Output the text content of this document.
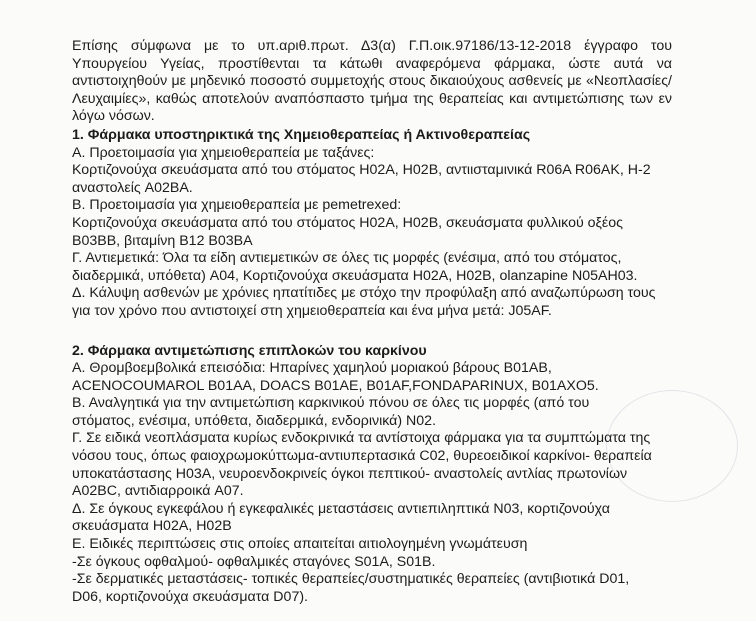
Επίσης σύμφωνα με το υπ.αριθ.πρωτ. Δ3(α) Γ.Π.οικ.97186/13-12-2018 έγγραφο του Υπουργείου Υγείας, προστίθενται τα κάτωθι αναφερόμενα φάρμακα, ώστε αυτά να αντιστοιχηθούν με μηδενικό ποσοστό συμμετοχής στους δικαιούχους ασθενείς με «Νεοπλασίες/ Λευχαιμίες», καθώς αποτελούν αναπόσπαστο τμήμα της θεραπείας και αντιμετώπισης των εν λόγω νόσων.

1. Φάρμακα υποστηρικτικά της Χημειοθεραπείας ή Ακτινοθεραπείας

Α. Προετοιμασία για χημειοθεραπεία με ταξάνες:

Κορτιζονούχα σκευάσματα από του στόματος H02A, H02B, αντιισταμινικά R06A R06AK, H-2

αναστολείς A02BA.

Β. Προετοιμασία για χημειοθεραπεία με pemetrexed:

Κορτιζονούχα σκευάσματα από του στόματος H02A, H02B, σκευάσματα φυλλικού οξέος

B03BB, βιταμίνη B12 B03BA

Γ. Αντιεμετικά: Όλα τα είδη αντιεμετικών σε όλες τις μορφές (ενέσιμα, από του στόματος,

διαδερμικά, υπόθετα) A04, Κορτιζονούχα σκευάσματα H02A, H02B, olanzapine N05AH03.

Δ. Κάλυψη ασθενών με χρόνιες ηπατίτιδες με στόχο την προφύλαξη από αναζωπύρωση τους

για τον χρόνο που αντιστοιχεί στη χημειοθεραπεία και ένα μήνα μετά: J05AF.

2. Φάρμακα αντιμετώπισης επιπλοκών του καρκίνου

Α. Θρομβοεμβολικά επεισόδια: Ηπαρίνες χαμηλού μοριακού βάρους B01AB,

ACENOCOUMAROL B01AA, DOACS B01AE, B01AF,FONDAPARINUX, B01AXO5.

Β. Αναλγητικά για την αντιμετώπιση καρκινικού πόνου σε όλες τις μορφές (από του

στόματος, ενέσιμα, υπόθετα, διαδερμικά, ενδορινικά) N02.

Γ. Σε ειδικά νεοπλάσματα κυρίως ενδοκρινικά τα αντίστοιχα φάρμακα για τα συμπτώματα της

νόσου τους, όπως φαιοχρωμοκύττωμα-αντιυπερτασικά C02, θυρεοειδικοί καρκίνοι- θεραπεία

υποκατάστασης H03A, νευροενδοκρινείς όγκοι πεπτικού- αναστολείς αντλίας πρωτονίων

A02BC, αντιδιαρροικά A07.

Δ. Σε όγκους εγκεφάλου ή εγκεφαλικές μεταστάσεις αντιεπιληπτικά N03, κορτιζονούχα

σκευάσματα H02A, H02B

Ε. Ειδικές περιπτώσεις στις οποίες απαιτείται αιτιολογημένη γνωμάτευση

-Σε όγκους οφθαλμού- οφθαλμικές σταγόνες S01A, S01B.

-Σε δερματικές μεταστάσεις- τοπικές θεραπείες/συστηματικές θεραπείες (αντιβιοτικά D01,

D06, κορτιζονούχα σκευάσματα D07).
